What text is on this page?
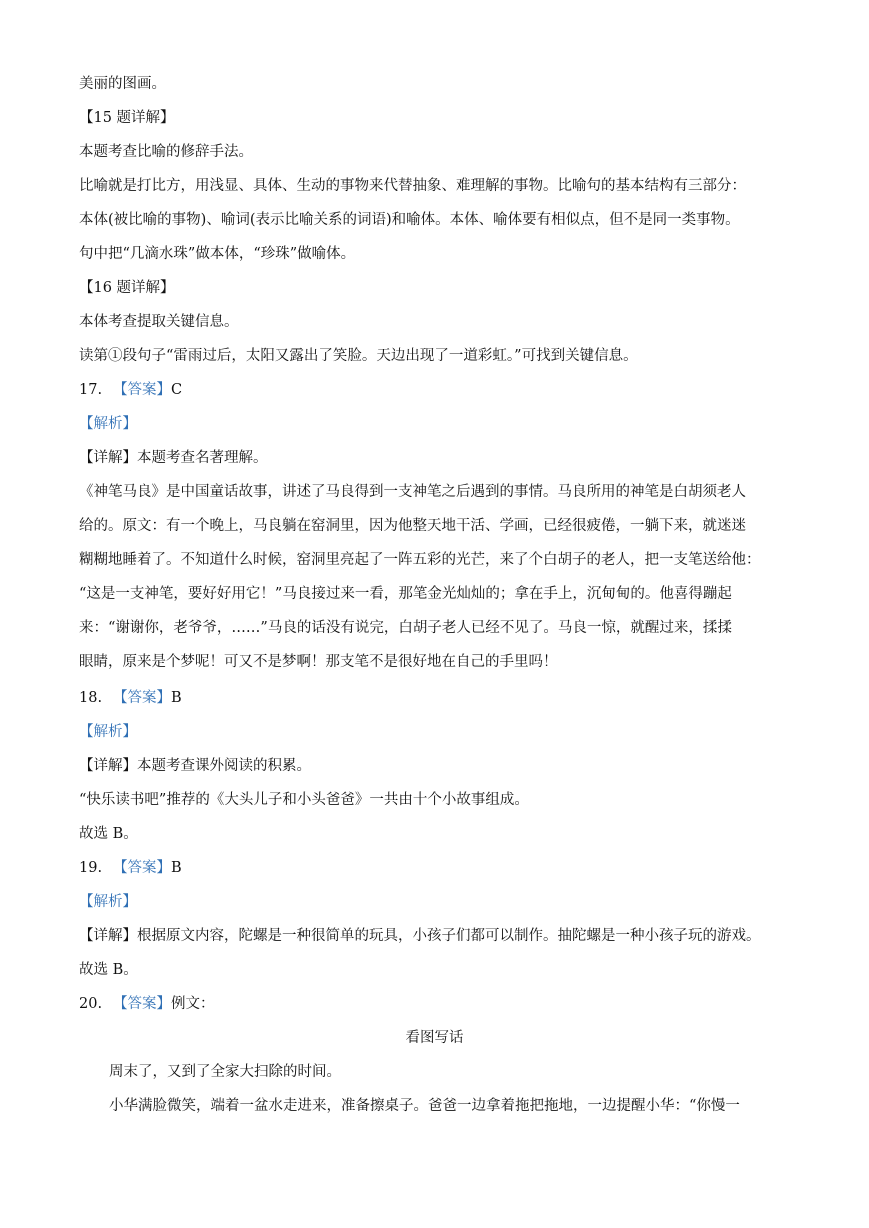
美丽的图画。
【15 题详解】
本题考查比喻的修辞手法。
比喻就是打比方，用浅显、具体、生动的事物来代替抽象、难理解的事物。比喻句的基本结构有三部分：
本体(被比喻的事物)、喻词(表示比喻关系的词语)和喻体。本体、喻体要有相似点，但不是同一类事物。
句中把“几滴水珠”做本体，“珍珠”做喻体。
【16 题详解】
本体考查提取关键信息。
读第①段句子“雷雨过后，太阳又露出了笑脸。天边出现了一道彩虹。”可找到关键信息。
17. 【答案】C
【解析】
【详解】本题考查名著理解。
《神笔马良》是中国童话故事，讲述了马良得到一支神笔之后遇到的事情。马良所用的神笔是白胡须老人
给的。原文：有一个晚上，马良躺在窑洞里，因为他整天地干活、学画，已经很疲倦，一躺下来，就迷迷
糊糊地睡着了。不知道什么时候，窑洞里亮起了一阵五彩的光芒，来了个白胡子的老人，把一支笔送给他：
“这是一支神笔，要好好用它！”马良接过来一看，那笔金光灿灿的；拿在手上，沉甸甸的。他喜得蹦起
来：“谢谢你，老爷爷，……”马良的话没有说完，白胡子老人已经不见了。马良一惊，就醒过来，揉揉
眼睛，原来是个梦呢！可又不是梦啊！那支笔不是很好地在自己的手里吗！
18. 【答案】B
【解析】
【详解】本题考查课外阅读的积累。
“快乐读书吧”推荐的《大头儿子和小头爸爸》一共由十个小故事组成。
故选 B。
19. 【答案】B
【解析】
【详解】根据原文内容，陀螺是一种很简单的玩具，小孩子们都可以制作。抽陀螺是一种小孩子玩的游戏。
故选 B。
20. 【答案】例文：
看图写话
周末了，又到了全家大扫除的时间。
小华满脸微笑，端着一盆水走进来，准备擦桌子。爸爸一边拿着拖把拖地，一边提醒小华：“你慢一
